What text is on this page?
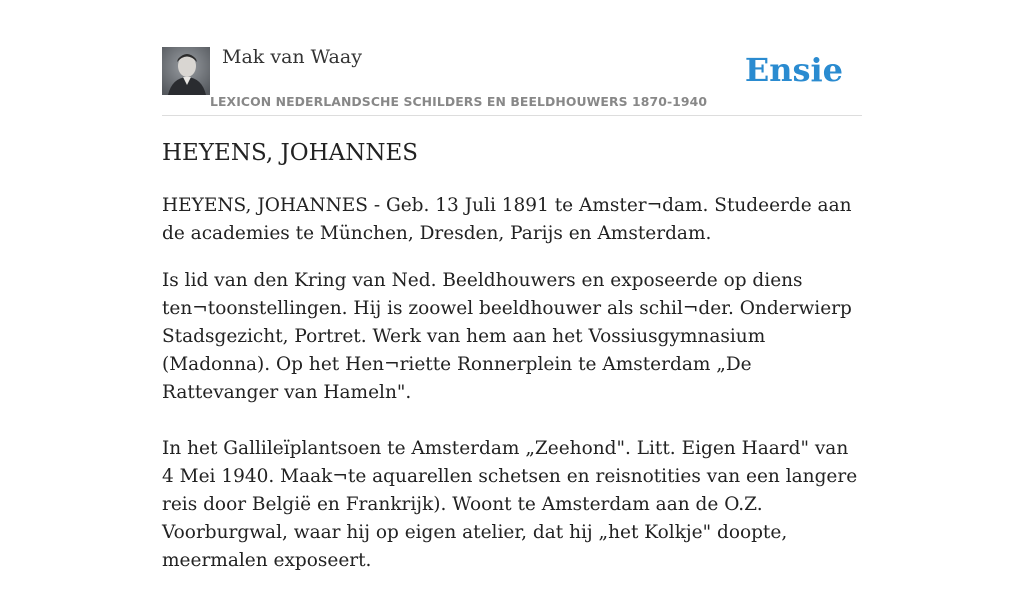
Mak van Waay
LEXICON NEDERLANDSCHE SCHILDERS EN BEELDHOUWERS 1870-1940
Ensie
HEYENS, JOHANNES

HEYENS, JOHANNES - Geb. 13 Juli 1891 te Amster¬dam. Studeerde aan de academies te München, Dresden, Parijs en Amsterdam.

Is lid van den Kring van Ned. Beeldhouwers en exposeerde op diens ten¬toonstellingen. Hij is zoowel beeldhouwer als schil¬der. Onderwierp Stadsgezicht, Portret. Werk van hem aan het Vossiusgymnasium (Madonna). Op het Hen¬riette Ronnerplein te Amsterdam „De Rattevanger van Hameln".

In het Gallileïplantsoen te Amsterdam „Zeehond". Litt. Eigen Haard" van 4 Mei 1940. Maak¬te aquarellen schetsen en reisnotities van een langere reis door België en Frankrijk). Woont te Amsterdam aan de O.Z. Voorburgwal, waar hij op eigen atelier, dat hij „het Kolkje" doopte, meermalen exposeert.
